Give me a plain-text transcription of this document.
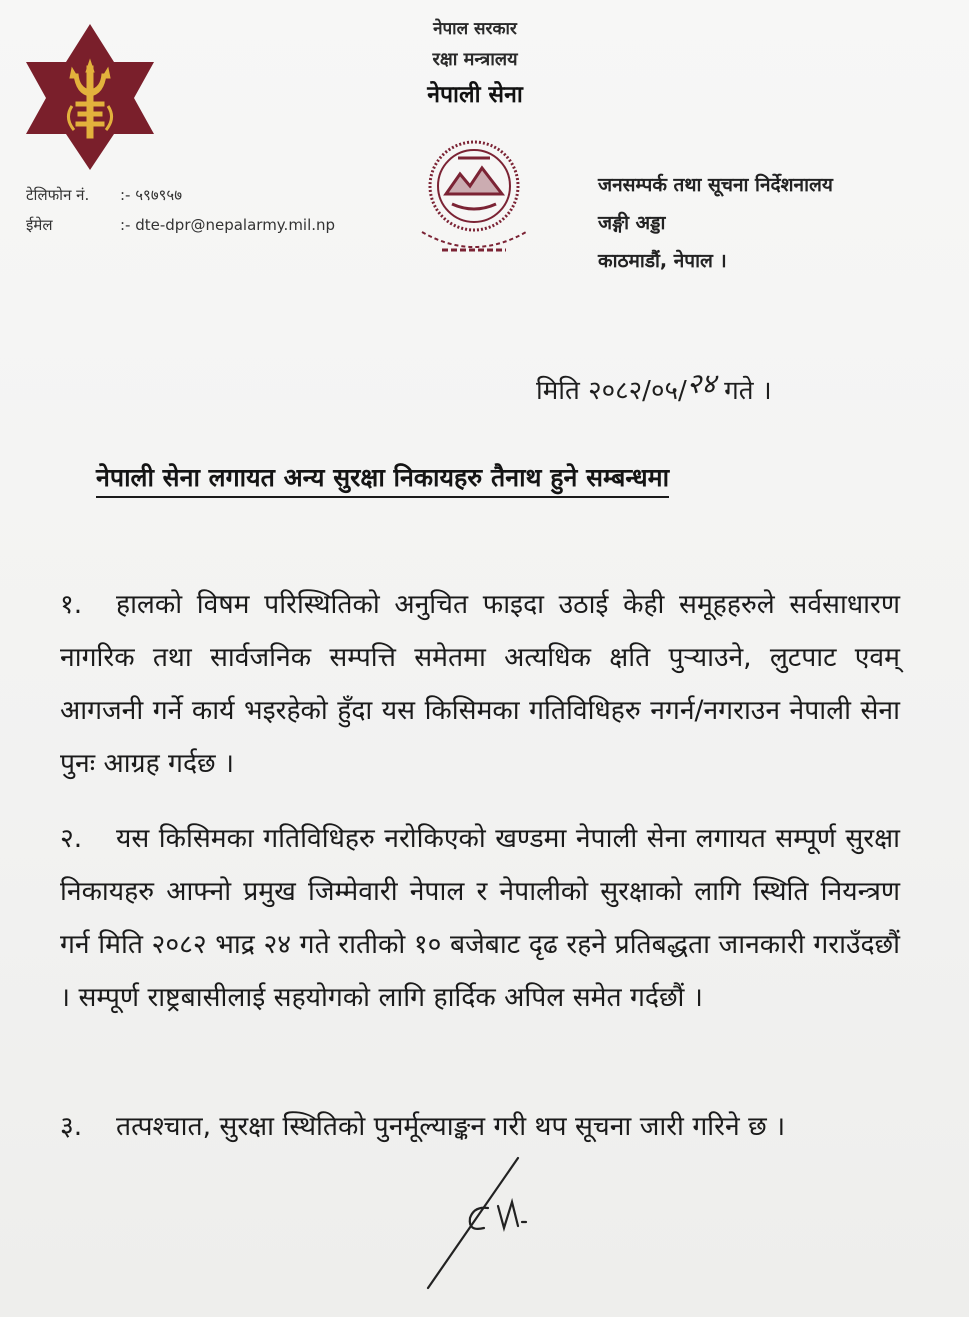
नेपाल सरकार
रक्षा मन्त्रालय
नेपाली सेना
टेलिफोन नं.	:- ५९७९५७
ईमेल	:- dte-dpr@nepalarmy.mil.np
जनसम्पर्क तथा सूचना निर्देशनालय
जङ्गी अड्डा
काठमाडौं, नेपाल ।
मिति २०८२/०५/२४ गते ।
नेपाली सेना लगायत अन्य सुरक्षा निकायहरु तैनाथ हुने सम्बन्धमा
१. हालको विषम परिस्थितिको अनुचित फाइदा उठाई केही समूहहरुले सर्वसाधारण नागरिक तथा सार्वजनिक सम्पत्ति समेतमा अत्यधिक क्षति पुऱ्याउने, लुटपाट एवम् आगजनी गर्ने कार्य भइरहेको हुँदा यस किसिमका गतिविधिहरु नगर्न/नगराउन नेपाली सेना पुनः आग्रह गर्दछ ।
२. यस किसिमका गतिविधिहरु नरोकिएको खण्डमा नेपाली सेना लगायत सम्पूर्ण सुरक्षा निकायहरु आफ्नो प्रमुख जिम्मेवारी नेपाल र नेपालीको सुरक्षाको लागि स्थिति नियन्त्रण गर्न मिति २०८२ भाद्र २४ गते रातीको १० बजेबाट दृढ रहने प्रतिबद्धता जानकारी गराउँदछौं । सम्पूर्ण राष्ट्रबासीलाई सहयोगको लागि हार्दिक अपिल समेत गर्दछौं ।
३. तत्पश्चात, सुरक्षा स्थितिको पुनर्मूल्याङ्कन गरी थप सूचना जारी गरिने छ ।
